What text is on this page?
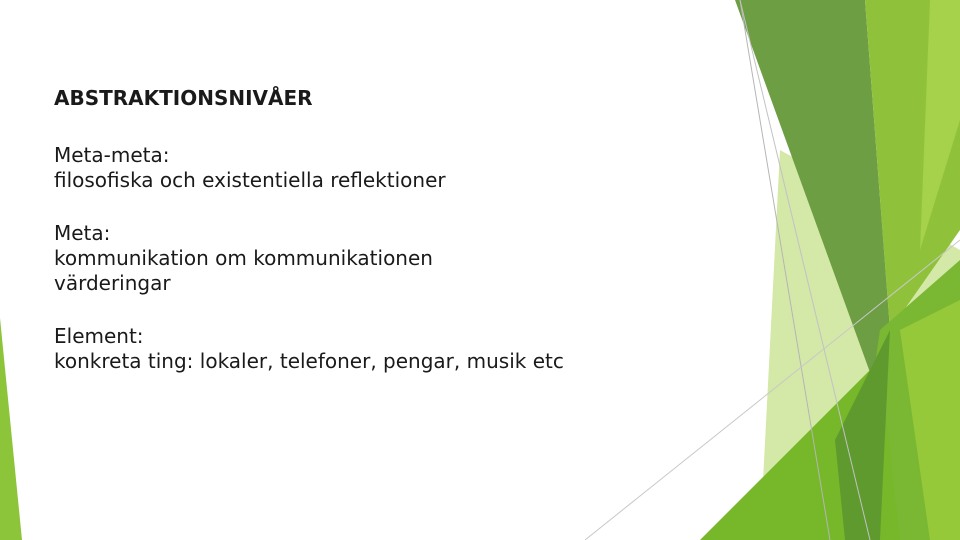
ABSTRAKTIONSNIVÅER
Meta-meta:
filosofiska och existentiella reflektioner
Meta:
kommunikation om kommunikationen
värderingar
Element:
konkreta ting: lokaler, telefoner, pengar, musik etc
